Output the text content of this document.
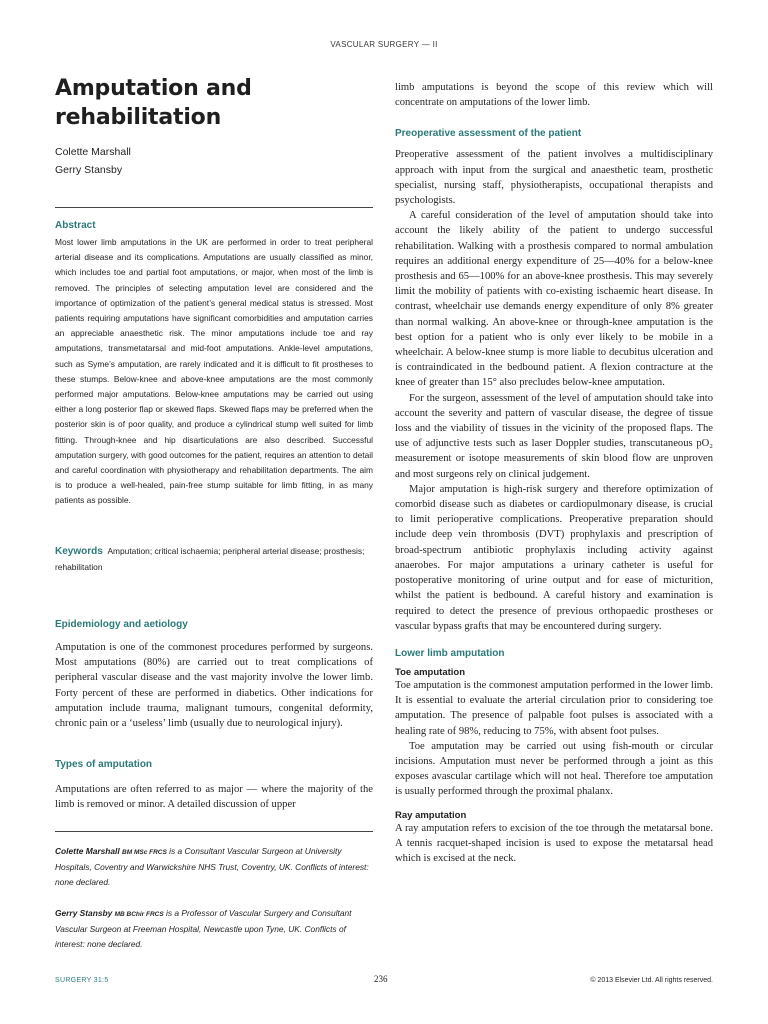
VASCULAR SURGERY — II
Amputation and
rehabilitation
Colette Marshall
Gerry Stansby
Abstract

Most lower limb amputations in the UK are performed in order to treat peripheral arterial disease and its complications. Amputations are usually classified as minor, which includes toe and partial foot amputations, or major, when most of the limb is removed. The principles of selecting amputation level are considered and the importance of optimization of the patient’s general medical status is stressed. Most patients requiring amputations have significant comorbidities and amputation carries an appreciable anaesthetic risk. The minor amputations include toe and ray amputations, transmetatarsal and mid-foot amputations. Ankle-level amputations, such as Syme’s amputation, are rarely indicated and it is difficult to fit prostheses to these stumps. Below-knee and above-knee amputations are the most commonly performed major amputations. Below-knee amputations may be carried out using either a long posterior flap or skewed flaps. Skewed flaps may be preferred when the posterior skin is of poor quality, and produce a cylindrical stump well suited for limb fitting. Through-knee and hip disarticulations are also described. Successful amputation surgery, with good outcomes for the patient, requires an attention to detail and careful coordination with physiotherapy and rehabilitation departments. The aim is to produce a well-healed, pain-free stump suitable for limb fitting, in as many patients as possible.

Keywords Amputation; critical ischaemia; peripheral arterial disease; prosthesis; rehabilitation

Epidemiology and aetiology

Amputation is one of the commonest procedures performed by surgeons. Most amputations (80%) are carried out to treat complications of peripheral vascular disease and the vast majority involve the lower limb. Forty percent of these are performed in diabetics. Other indications for amputation include trauma, malignant tumours, congenital deformity, chronic pain or a ‘useless’ limb (usually due to neurological injury).

Types of amputation

Amputations are often referred to as major — where the majority of the limb is removed or minor. A detailed discussion of upper

Colette Marshall BM MSc FRCS is a Consultant Vascular Surgeon at University Hospitals, Coventry and Warwickshire NHS Trust, Coventry, UK. Conflicts of interest: none declared.

Gerry Stansby MB BChir FRCS is a Professor of Vascular Surgery and Consultant Vascular Surgeon at Freeman Hospital, Newcastle upon Tyne, UK. Conflicts of interest: none declared.

limb amputations is beyond the scope of this review which will concentrate on amputations of the lower limb.

Preoperative assessment of the patient

Preoperative assessment of the patient involves a multidisciplinary approach with input from the surgical and anaesthetic team, prosthetic specialist, nursing staff, physiotherapists, occupational therapists and psychologists.

A careful consideration of the level of amputation should take into account the likely ability of the patient to undergo successful rehabilitation. Walking with a prosthesis compared to normal ambulation requires an additional energy expenditure of 25—40% for a below-knee prosthesis and 65—100% for an above-knee prosthesis. This may severely limit the mobility of patients with co-existing ischaemic heart disease. In contrast, wheelchair use demands energy expenditure of only 8% greater than normal walking. An above-knee or through-knee amputation is the best option for a patient who is only ever likely to be mobile in a wheelchair. A below-knee stump is more liable to decubitus ulceration and is contraindicated in the bedbound patient. A flexion contracture at the knee of greater than 15° also precludes below-knee amputation.

For the surgeon, assessment of the level of amputation should take into account the severity and pattern of vascular disease, the degree of tissue loss and the viability of tissues in the vicinity of the proposed flaps. The use of adjunctive tests such as laser Doppler studies, transcutaneous pO₂ measurement or isotope measurements of skin blood flow are unproven and most surgeons rely on clinical judgement.

Major amputation is high-risk surgery and therefore optimization of comorbid disease such as diabetes or cardiopulmonary disease, is crucial to limit perioperative complications. Preoperative preparation should include deep vein thrombosis (DVT) prophylaxis and prescription of broad-spectrum antibiotic prophylaxis including activity against anaerobes. For major amputations a urinary catheter is useful for postoperative monitoring of urine output and for ease of micturition, whilst the patient is bedbound. A careful history and examination is required to detect the presence of previous orthopaedic prostheses or vascular bypass grafts that may be encountered during surgery.

Lower limb amputation

Toe amputation

Toe amputation is the commonest amputation performed in the lower limb. It is essential to evaluate the arterial circulation prior to considering toe amputation. The presence of palpable foot pulses is associated with a healing rate of 98%, reducing to 75%, with absent foot pulses.

Toe amputation may be carried out using fish-mouth or circular incisions. Amputation must never be performed through a joint as this exposes avascular cartilage which will not heal. Therefore toe amputation is usually performed through the proximal phalanx.

Ray amputation

A ray amputation refers to excision of the toe through the metatarsal bone. A tennis racquet-shaped incision is used to expose the metatarsal head which is excised at the neck.

SURGERY 31:5	236	© 2013 Elsevier Ltd. All rights reserved.
